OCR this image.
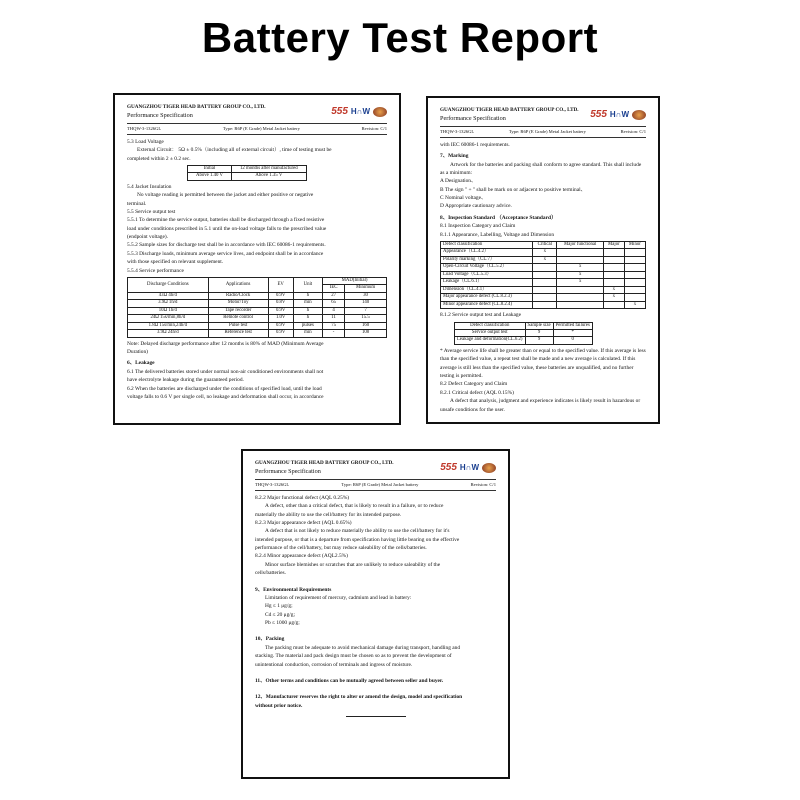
Battery Test Report
GUANGZHOU TIGER HEAD BATTERY GROUP CO., LTD.
Performance Specification	555 H∩W
THQW-3-1326GL	Type: R6P (E Grade) Metal Jacket battery	Revision: C/1

5.3 Load Voltage

External Circuit： 5Ω ± 0.5%（including all of external circuit）, time of testing must be

completed within 2 ± 0.2 sec.

Initial	12 months after manufactured
Above 1.40 V	Above 1.35 V

5.4 Jacket Insulation

No voltage reading is permitted between the jacket and either positive or negative

terminal.

5.5 Service output test

5.5.1 To determine the service output, batteries shall be discharged through a fixed resistive

load under conditions prescribed in 5.1 until the on-load voltage falls to the prescribed value

(endpoint voltage).

5.5.2 Sample sizes for discharge test shall be in accordance with IEC 60086-1 requirements.

5.5.3 Discharge loads, minimum average service lives, and endpoint shall be in accordance

with those specified on relevant supplement.

5.5.4 Service performance

Discharge Conditions	Applications	EV	Unit	MAD(Initial)	
				IEC	Minimum
43Ω 4h/d	Radio/Clock	0.9V	h	27	30
3.9Ω 1h/d	Motor/Toy	0.8V	min	65	140
10Ω 1h/d	Tape recorder	0.9V	h	4	7
24Ω 15s/min,8h/d	Remote control	1.0V	h	11	15.5
1.8Ω 15s/min,24h/d	Pulse test	0.9V	pulses	75	160
3.9Ω 24h/d	Reference test	0.9V	min	-	108

Note: Delayed discharge performance after 12 months is 80% of MAD (Minimum Average

Duration)

6、Leakage

6.1 The delivered batteries stored under normal non-air conditioned environments shall not

have electrolyte leakage during the guaranteed period.

6.2 When the batteries are discharged under the conditions of specified load, until the load

voltage falls to 0.6 V per single cell, no leakage and deformation shall occur, in accordance

GUANGZHOU TIGER HEAD BATTERY GROUP CO., LTD.
Performance Specification	555 H∩W
THQW-3-1326GL	Type: R6P (E Grade) Metal Jacket battery	Revision: C/1

with IEC 60086-1 requirements.

7、Marking

Artwork for the batteries and packing shall conform to agree standard. This shall include

as a minimum:

A Designation、

B The sign " + " shall be mark on or adjacent to positive terminal、

C Nominal voltage、

D Appropriate cautionary advice.

8、Inspection Standard （Acceptance Standard）

8.1 Inspection Category and Claim

8.1.1 Appearance, Labelling, Voltage and Dimension

Defect classification	Critical	Major functional	Major	Minor
Appearance（CL.4.2）	x			
Polarity marking（CL.7）	x			
Open-Circuit Voltage（CL.5.2）		x		
Load Voltage（CL.5.3）		x		
Leakage（CL.6.1）		x		
Dimension（CL.4.1）			x	
Major appearance defect (CL.8.2.3)			x	
Minor appearance defect (CL.8.2.4)				x

8.1.2 Service output test and Leakage

Defect classification	Sample size	Permitted failures
Service output test	9	*
Leakage and deformation(CL.6.2)	9	0

* Average service life shall be greater than or equal to the specified value. If this average is less

than the specified value, a repeat test shall be made and a new average is calculated. If this

average is still less than the specified value, these batteries are unqualified, and no further

testing is permitted.

8.2 Defect Category and Claim

8.2.1 Critical defect (AQL 0.15%)

A defect that analysis, judgment and experience indicates is likely result in hazardous or

unsafe conditions for the user.

GUANGZHOU TIGER HEAD BATTERY GROUP CO., LTD.
Performance Specification	555 H∩W
THQW-3-1326GL	Type: R6P (E Grade) Metal Jacket battery	Revision: C/1

8.2.2 Major functional defect (AQL 0.25%)

A defect, other than a critical defect, that is likely to result in a failure, or to reduce

materially the ability to use the cell/battery for its intended purpose.

8.2.3 Major appearance defect (AQL 0.65%)

A defect that is not likely to reduce materially the ability to use the cell/battery for it's

intended purpose, or that is a departure from specification having little bearing on the effective

performance of the cell/battery, but may reduce saleability of the cells/batteries.

8.2.4 Minor appearance defect (AQL2.5%)

Minor surface blemishes or scratches that are unlikely to reduce saleability of the

cells/batteries.

9、Environmental Requirements

Limitation of requirement of mercury, cadmium and lead in battery:

Hg ≤ 1 μg/g;

Cd ≤ 20 μg/g;

Pb ≤ 1000 μg/g;

10、Packing

The packing must be adequate to avoid mechanical damage during transport, handling and

stacking. The material and pack design must be chosen so as to prevent the development of

unintentional conduction, corrosion of terminals and ingress of moisture.

11、Other terms and conditions can be mutually agreed between seller and buyer.

12、Manufacturer reserves the right to alter or amend the design, model and specification

without prior notice.
